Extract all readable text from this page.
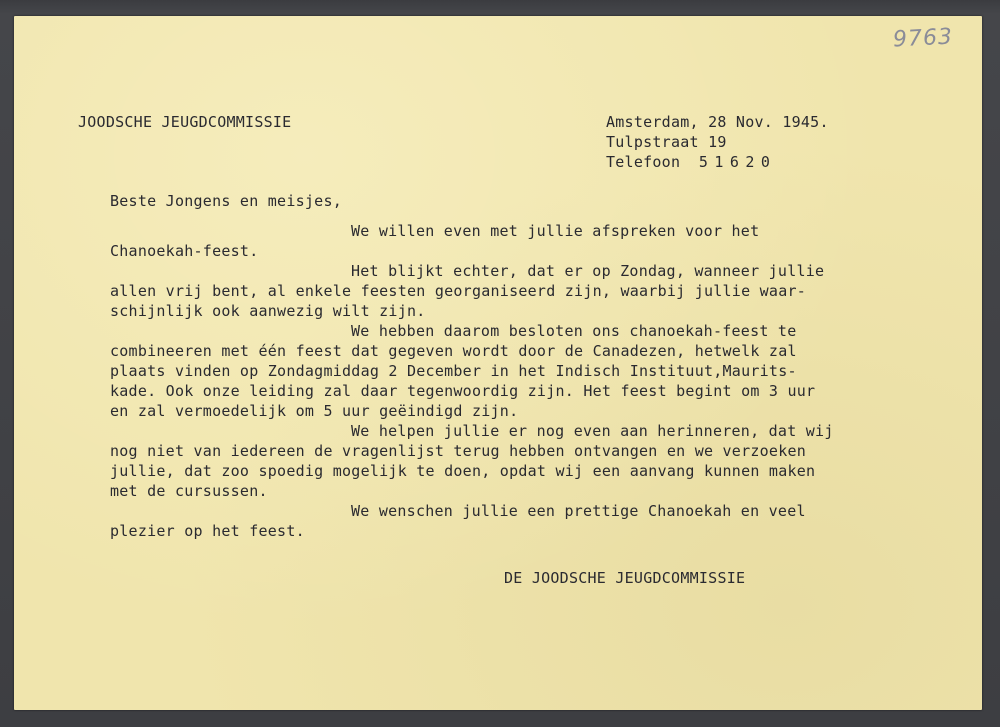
9763
JOODSCHE JEUGDCOMMISSIE	Amsterdam, 28 Nov. 1945.
Tulpstraat 19
Telefoon 51620
Beste Jongens en meisjes,
We willen even met jullie afspreken voor het
Chanoekah-feest.
Het blijkt echter, dat er op Zondag, wanneer jullie
allen vrij bent, al enkele feesten georganiseerd zijn, waarbij jullie waar-
schijnlijk ook aanwezig wilt zijn.
We hebben daarom besloten ons chanoekah-feest te
combineeren met één feest dat gegeven wordt door de Canadezen, hetwelk zal
plaats vinden op Zondagmiddag 2 December in het Indisch Instituut,Maurits-
kade. Ook onze leiding zal daar tegenwoordig zijn. Het feest begint om 3 uur
en zal vermoedelijk om 5 uur geëindigd zijn.
We helpen jullie er nog even aan herinneren, dat wij
nog niet van iedereen de vragenlijst terug hebben ontvangen en we verzoeken
jullie, dat zoo spoedig mogelijk te doen, opdat wij een aanvang kunnen maken
met de cursussen.
We wenschen jullie een prettige Chanoekah en veel
plezier op het feest.
DE JOODSCHE JEUGDCOMMISSIE
